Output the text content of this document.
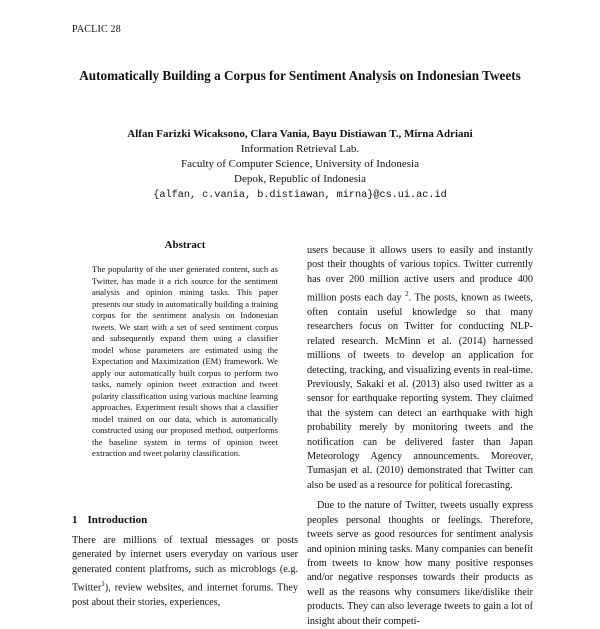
PACLIC 28
Automatically Building a Corpus for Sentiment Analysis on Indonesian Tweets
Alfan Farizki Wicaksono, Clara Vania, Bayu Distiawan T., Mirna Adriani
Information Retrieval Lab.
Faculty of Computer Science, University of Indonesia
Depok, Republic of Indonesia
{alfan, c.vania, b.distiawan, mirna}@cs.ui.ac.id
Abstract
The popularity of the user generated content, such as Twitter, has made it a rich source for the sentiment analysis and opinion mining tasks. This paper presents our study in automatically building a training corpus for the sentiment analysis on Indonesian tweets. We start with a set of seed sentiment corpus and subsequently expand them using a classifier model whose parameters are estimated using the Expectation and Maximization (EM) framework. We apply our automatically built corpus to perform two tasks, namely opinion tweet extraction and tweet polarity classification using various machine learning approaches. Experiment result shows that a classifier model trained on our data, which is automatically constructed using our proposed method, outperforms the baseline system in terms of opinion tweet extraction and tweet polarity classification.
1 Introduction
There are millions of textual messages or posts generated by internet users everyday on various user generated content platfroms, such as microblogs (e.g. Twitter$^1$), review websites, and internet forums. They post about their stories, experiences,

users because it allows users to easily and instantly post their thoughts of various topics. Twitter currently has over 200 million active users and produce 400 million posts each day $^2$. The posts, known as tweets, often contain useful knowledge so that many researchers focus on Twitter for conducting NLP-related research. McMinn et al. (2014) harnessed millions of tweets to develop an application for detecting, tracking, and visualizing events in real-time. Previously, Sakaki et al. (2013) also used twitter as a sensor for earthquake reporting system. They claimed that the system can detect an earthquake with high probability merely by monitoring tweets and the notification can be delivered faster than Japan Meteorology Agency announcements. Moreover, Tumasjan et al. (2010) demonstrated that Twitter can also be used as a resource for political forecasting.

Due to the nature of Twitter, tweets usually express peoples personal thoughts or feelings. Therefore, tweets serve as good resources for sentiment analysis and opinion mining tasks. Many companies can benefit from tweets to know how many positive responses and/or negative responses towards their products as well as the reasons why consumers like/dislike their products. They can also leverage tweets to gain a lot of insight about their competi-
